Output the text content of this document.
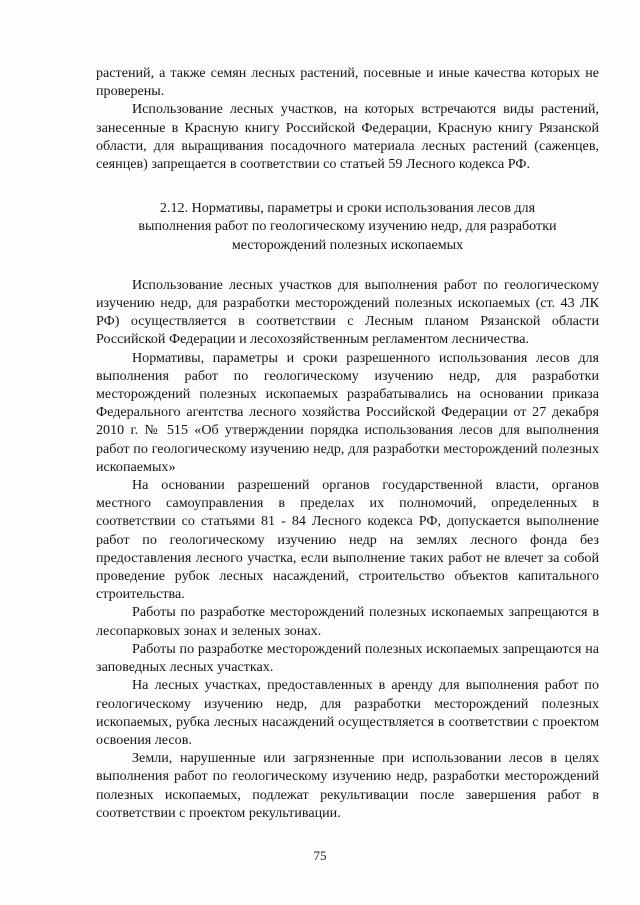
растений, а также семян лесных растений, посевные и иные качества которых не проверены.

Использование лесных участков, на которых встречаются виды растений, занесенные в Красную книгу Российской Федерации, Красную книгу Рязанской области, для выращивания посадочного материала лесных растений (саженцев, сеянцев) запрещается в соответствии со статьей 59 Лесного кодекса РФ.

2.12. Нормативы, параметры и сроки использования лесов для
выполнения работ по геологическому изучению недр, для разработки
месторождений полезных ископаемых

Использование лесных участков для выполнения работ по геологическому изучению недр, для разработки месторождений полезных ископаемых (ст. 43 ЛК РФ) осуществляется в соответствии с Лесным планом Рязанской области Российской Федерации и лесохозяйственным регламентом лесничества.

Нормативы, параметры и сроки разрешенного использования лесов для выполнения работ по геологическому изучению недр, для разработки месторождений полезных ископаемых разрабатывались на основании приказа Федерального агентства лесного хозяйства Российской Федерации от 27 декабря 2010 г. № 515 «Об утверждении порядка использования лесов для выполнения работ по геологическому изучению недр, для разработки месторождений полезных ископаемых»

На основании разрешений органов государственной власти, органов местного самоуправления в пределах их полномочий, определенных в соответствии со статьями 81 - 84 Лесного кодекса РФ, допускается выполнение работ по геологическому изучению недр на землях лесного фонда без предоставления лесного участка, если выполнение таких работ не влечет за собой проведение рубок лесных насаждений, строительство объектов капитального строительства.

Работы по разработке месторождений полезных ископаемых запрещаются в лесопарковых зонах и зеленых зонах.

Работы по разработке месторождений полезных ископаемых запрещаются на заповедных лесных участках.

На лесных участках, предоставленных в аренду для выполнения работ по геологическому изучению недр, для разработки месторождений полезных ископаемых, рубка лесных насаждений осуществляется в соответствии с проектом освоения лесов.

Земли, нарушенные или загрязненные при использовании лесов в целях выполнения работ по геологическому изучению недр, разработки месторождений полезных ископаемых, подлежат рекультивации после завершения работ в соответствии с проектом рекультивации.

75
